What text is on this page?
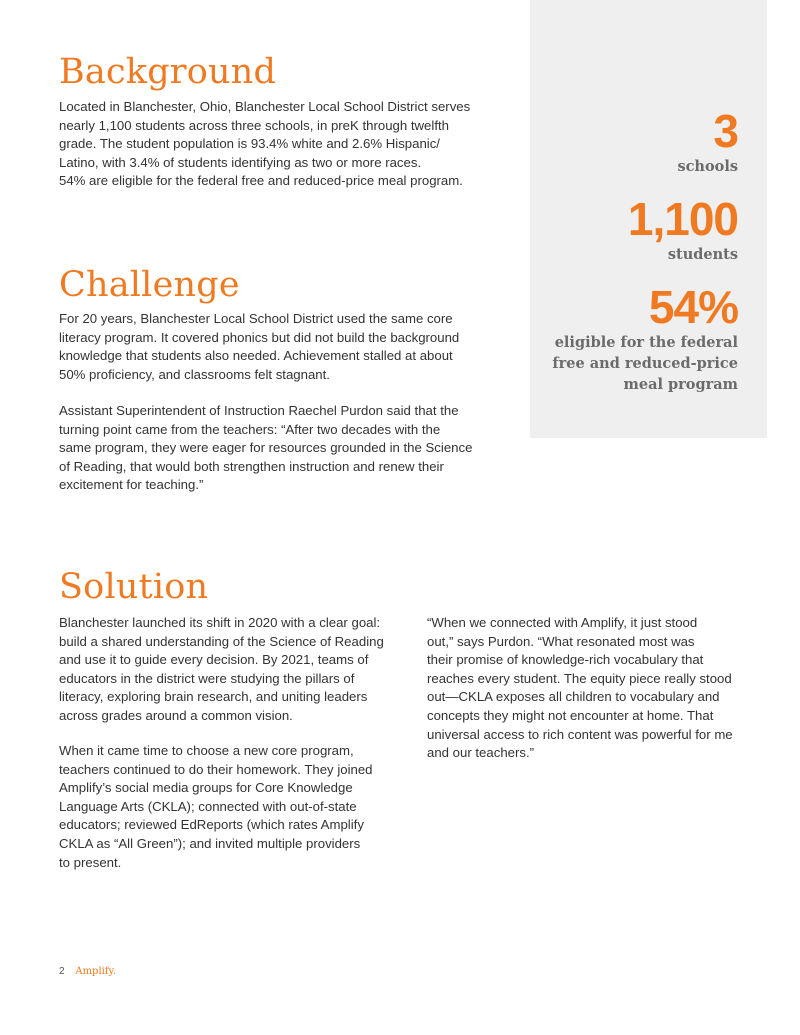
Background

Located in Blanchester, Ohio, Blanchester Local School District serves
nearly 1,100 students across three schools, in preK through twelfth
grade. The student population is 93.4% white and 2.6% Hispanic/
Latino, with 3.4% of students identifying as two or more races.
54% are eligible for the federal free and reduced-price meal program.

Challenge

For 20 years, Blanchester Local School District used the same core
literacy program. It covered phonics but did not build the background
knowledge that students also needed. Achievement stalled at about
50% proficiency, and classrooms felt stagnant.

Assistant Superintendent of Instruction Raechel Purdon said that the
turning point came from the teachers: “After two decades with the
same program, they were eager for resources grounded in the Science
of Reading, that would both strengthen instruction and renew their
excitement for teaching.”

Solution

Blanchester launched its shift in 2020 with a clear goal:
build a shared understanding of the Science of Reading
and use it to guide every decision. By 2021, teams of
educators in the district were studying the pillars of
literacy, exploring brain research, and uniting leaders
across grades around a common vision.

When it came time to choose a new core program,
teachers continued to do their homework. They joined
Amplify’s social media groups for Core Knowledge
Language Arts (CKLA); connected with out-of-state
educators; reviewed EdReports (which rates Amplify
CKLA as “All Green”); and invited multiple providers
to present.

“When we connected with Amplify, it just stood
out,” says Purdon. “What resonated most was
their promise of knowledge-rich vocabulary that
reaches every student. The equity piece really stood
out—CKLA exposes all children to vocabulary and
concepts they might not encounter at home. That
universal access to rich content was powerful for me
and our teachers.”

3
schools
1,100
students
54%
eligible for the federal
free and reduced-price
meal program
2 Amplify.
